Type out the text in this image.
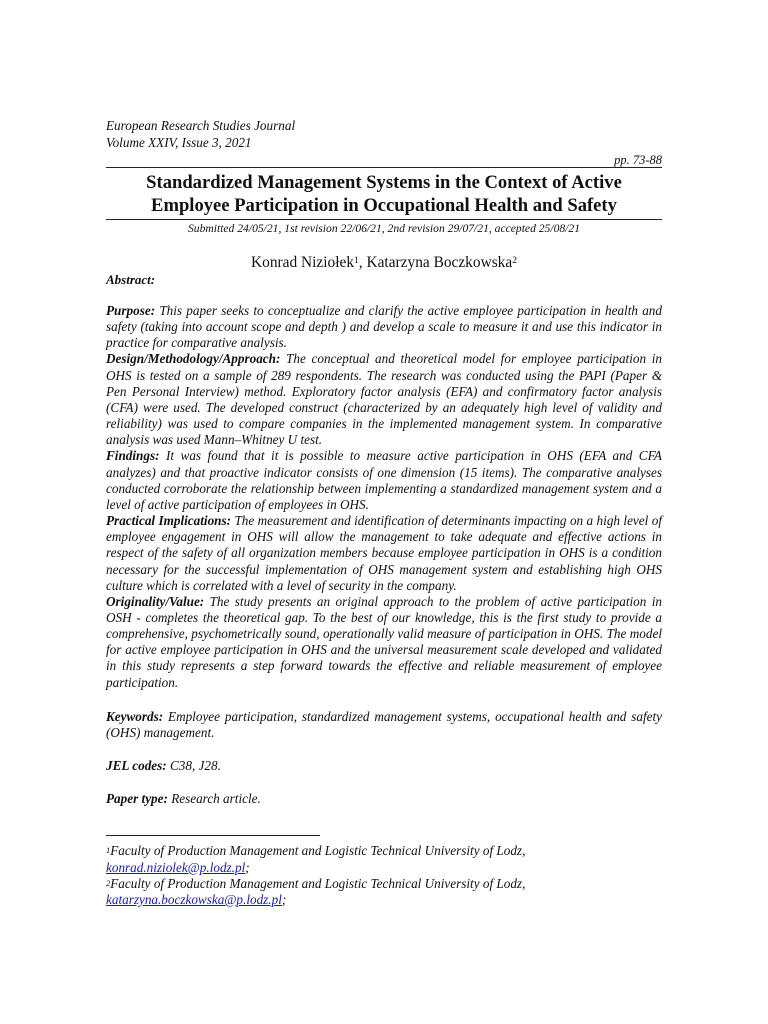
European Research Studies Journal
Volume XXIV, Issue 3, 2021
pp. 73-88
Standardized Management Systems in the Context of Active
Employee Participation in Occupational Health and Safety
Submitted 24/05/21, 1st revision 22/06/21, 2nd revision 29/07/21, accepted 25/08/21
Konrad Niziołek$^1$, Katarzyna Boczkowska$^2$
Abstract:

Purpose: This paper seeks to conceptualize and clarify the active employee participation in health and safety (taking into account scope and depth ) and develop a scale to measure it and use this indicator in practice for comparative analysis.

Design/Methodology/Approach: The conceptual and theoretical model for employee participation in OHS is tested on a sample of 289 respondents. The research was conducted using the PAPI (Paper & Pen Personal Interview) method. Exploratory factor analysis (EFA) and confirmatory factor analysis (CFA) were used. The developed construct (characterized by an adequately high level of validity and reliability) was used to compare companies in the implemented management system. In comparative analysis was used Mann–Whitney U test.

Findings: It was found that it is possible to measure active participation in OHS (EFA and CFA analyzes) and that proactive indicator consists of one dimension (15 items). The comparative analyses conducted corroborate the relationship between implementing a standardized management system and a level of active participation of employees in OHS.

Practical Implications: The measurement and identification of determinants impacting on a high level of employee engagement in OHS will allow the management to take adequate and effective actions in respect of the safety of all organization members because employee participation in OHS is a condition necessary for the successful implementation of OHS management system and establishing high OHS culture which is correlated with a level of security in the company.

Originality/Value: The study presents an original approach to the problem of active participation in OSH - completes the theoretical gap. To the best of our knowledge, this is the first study to provide a comprehensive, psychometrically sound, operationally valid measure of participation in OHS. The model for active employee participation in OHS and the universal measurement scale developed and validated in this study represents a step forward towards the effective and reliable measurement of employee participation.

Keywords: Employee participation, standardized management systems, occupational health and safety (OHS) management.
JEL codes: C38, J28.
Paper type: Research article.

$^1$Faculty of Production Management and Logistic Technical University of Lodz,

konrad.niziolek@p.lodz.pl;

$^2$Faculty of Production Management and Logistic Technical University of Lodz,

katarzyna.boczkowska@p.lodz.pl;
